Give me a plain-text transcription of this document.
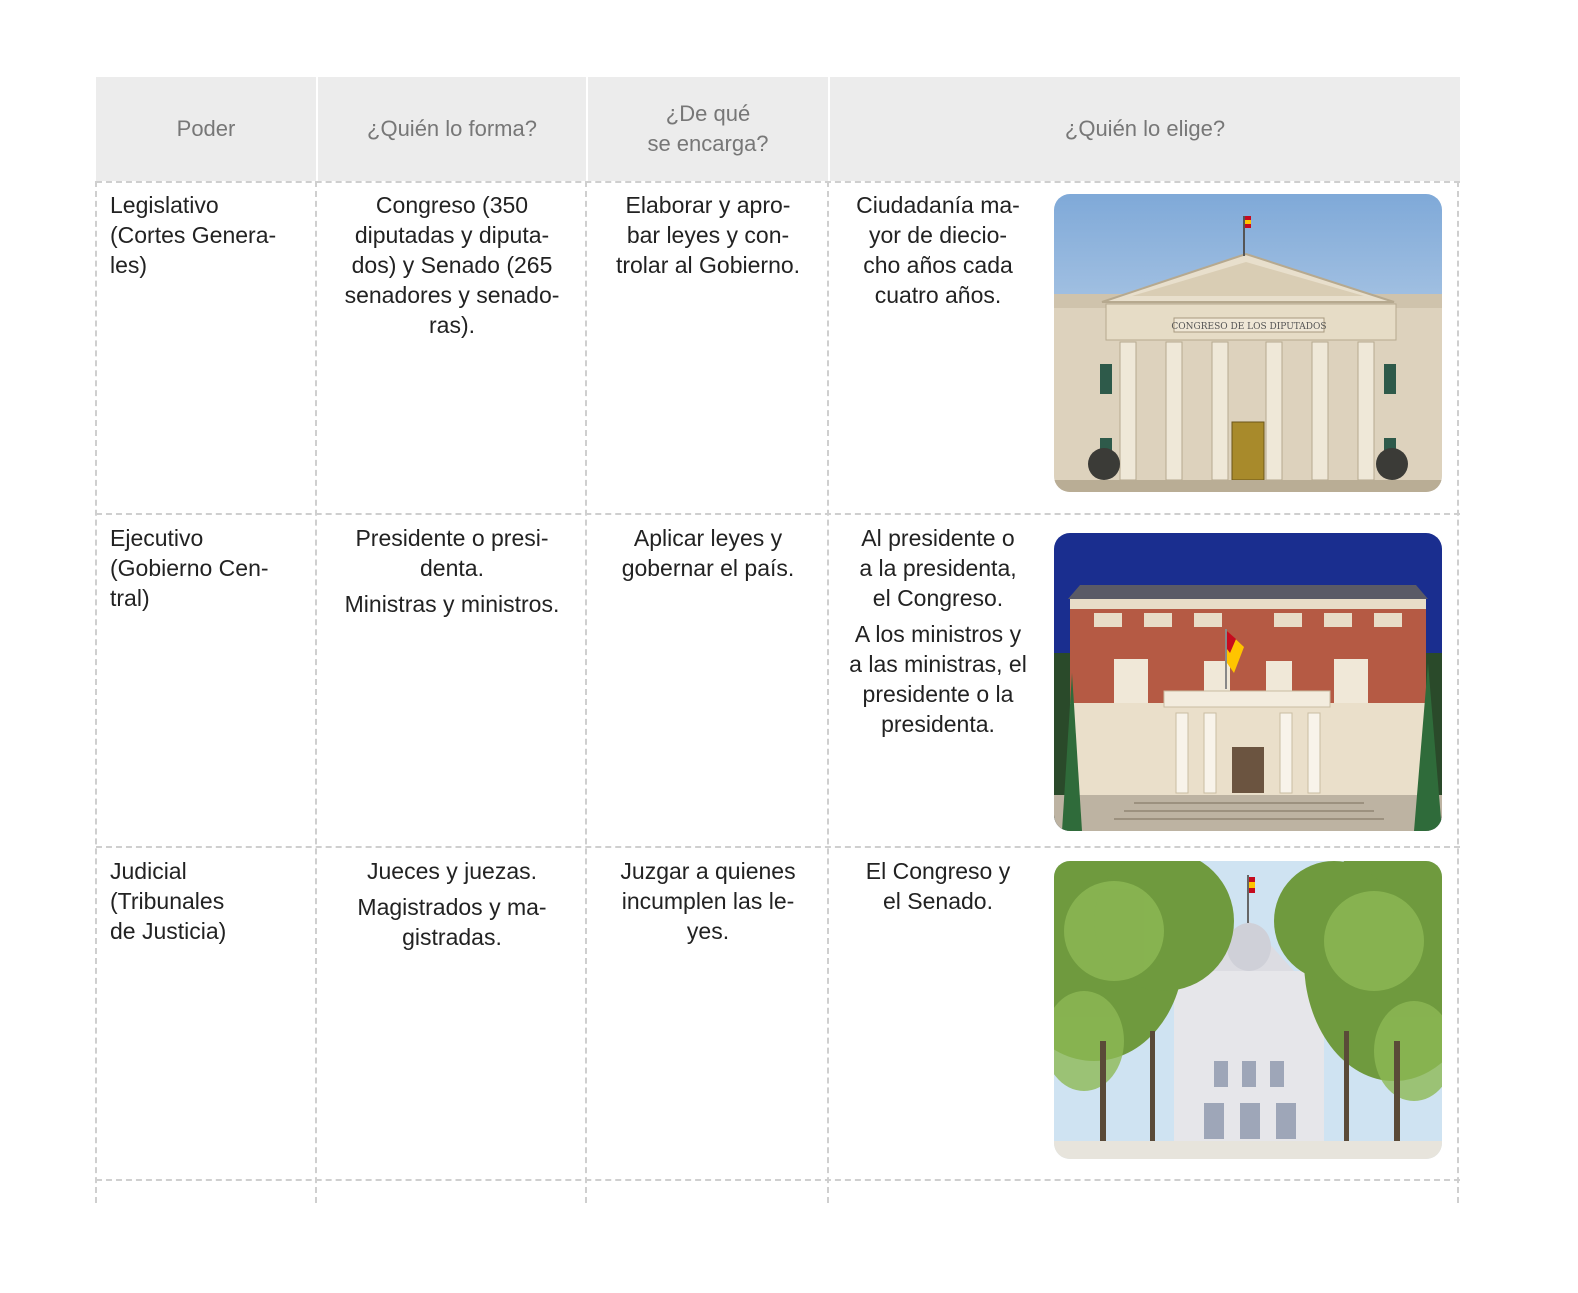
Poder	¿Quién lo forma?
¿De qué
se encarga?
¿Quién lo elige?
Legislativo
(Cortes Genera-
les)

Congreso (350
diputadas y diputa-
dos) y Senado (265
senadores y senado-
ras).

Elaborar y apro-
bar leyes y con-
trolar al Gobierno.

Ciudadanía ma-
yor de diecio-
cho años cada
cuatro años.

CONGRESO DE LOS DIPUTADOS
Ejecutivo
(Gobierno Cen-
tral)

Presidente o presi-
denta.

Ministras y ministros.

Aplicar leyes y
gobernar el país.

Al presidente o
a la presidenta,
el Congreso.

A los ministros y
a las ministras, el
presidente o la
presidenta.

Judicial
(Tribunales
de Justicia)

Jueces y juezas.

Magistrados y ma-
gistradas.

Juzgar a quienes
incumplen las le-
yes.

El Congreso y
el Senado.
